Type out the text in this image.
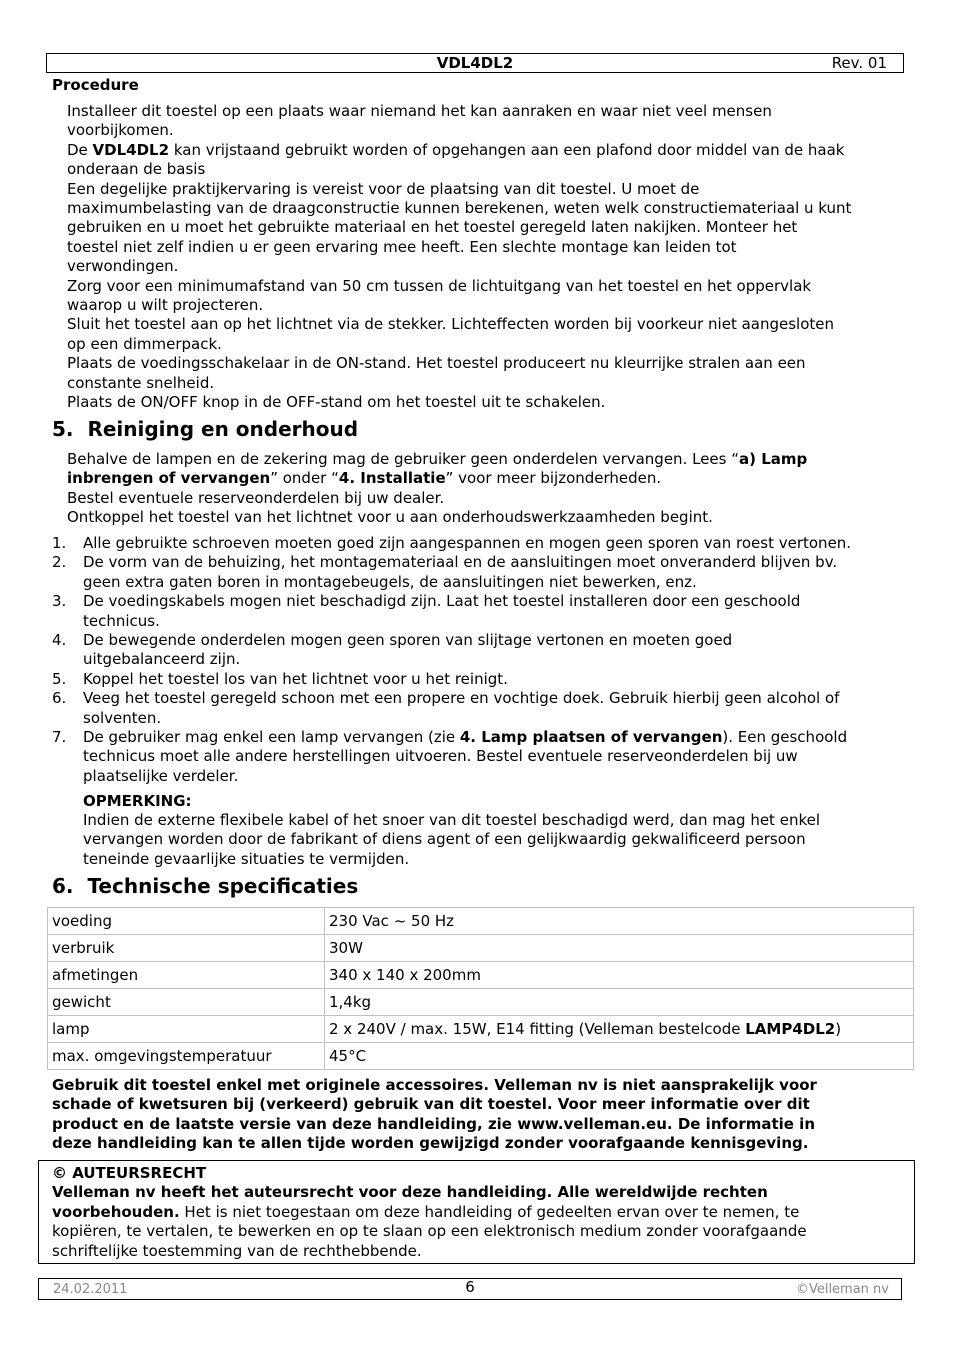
VDL4DL2	Rev. 01
Procedure
Installeer dit toestel op een plaats waar niemand het kan aanraken en waar niet veel mensen
voorbijkomen.
De VDL4DL2 kan vrijstaand gebruikt worden of opgehangen aan een plafond door middel van de haak
onderaan de basis
Een degelijke praktijkervaring is vereist voor de plaatsing van dit toestel. U moet de
maximumbelasting van de draagconstructie kunnen berekenen, weten welk constructiemateriaal u kunt
gebruiken en u moet het gebruikte materiaal en het toestel geregeld laten nakijken. Monteer het
toestel niet zelf indien u er geen ervaring mee heeft. Een slechte montage kan leiden tot
verwondingen.
Zorg voor een minimumafstand van 50 cm tussen de lichtuitgang van het toestel en het oppervlak
waarop u wilt projecteren.
Sluit het toestel aan op het lichtnet via de stekker. Lichteffecten worden bij voorkeur niet aangesloten
op een dimmerpack.
Plaats de voedingsschakelaar in de ON-stand. Het toestel produceert nu kleurrijke stralen aan een
constante snelheid.
Plaats de ON/OFF knop in de OFF-stand om het toestel uit te schakelen.
5.  Reiniging en onderhoud
Behalve de lampen en de zekering mag de gebruiker geen onderdelen vervangen. Lees “a) Lamp
inbrengen of vervangen” onder “4. Installatie” voor meer bijzonderheden.
Bestel eventuele reserveonderdelen bij uw dealer.
Ontkoppel het toestel van het lichtnet voor u aan onderhoudswerkzaamheden begint.
1. Alle gebruikte schroeven moeten goed zijn aangespannen en mogen geen sporen van roest vertonen.
2. De vorm van de behuizing, het montagemateriaal en de aansluitingen moet onveranderd blijven bv.
geen extra gaten boren in montagebeugels, de aansluitingen niet bewerken, enz.
3. De voedingskabels mogen niet beschadigd zijn. Laat het toestel installeren door een geschoold
technicus.
4. De bewegende onderdelen mogen geen sporen van slijtage vertonen en moeten goed
uitgebalanceerd zijn.
5. Koppel het toestel los van het lichtnet voor u het reinigt.
6. Veeg het toestel geregeld schoon met een propere en vochtige doek. Gebruik hierbij geen alcohol of
solventen.
7. De gebruiker mag enkel een lamp vervangen (zie 4. Lamp plaatsen of vervangen). Een geschoold
technicus moet alle andere herstellingen uitvoeren. Bestel eventuele reserveonderdelen bij uw
plaatselijke verdeler.
OPMERKING:
Indien de externe flexibele kabel of het snoer van dit toestel beschadigd werd, dan mag het enkel
vervangen worden door de fabrikant of diens agent of een gelijkwaardig gekwalificeerd persoon
teneinde gevaarlijke situaties te vermijden.
6.  Technische specificaties
voeding	230 Vac ~ 50 Hz
verbruik	30W
afmetingen	340 x 140 x 200mm
gewicht	1,4kg
lamp	2 x 240V / max. 15W, E14 fitting (Velleman bestelcode LAMP4DL2)
max. omgevingstemperatuur	45°C
Gebruik dit toestel enkel met originele accessoires. Velleman nv is niet aansprakelijk voor
schade of kwetsuren bij (verkeerd) gebruik van dit toestel. Voor meer informatie over dit
product en de laatste versie van deze handleiding, zie www.velleman.eu. De informatie in
deze handleiding kan te allen tijde worden gewijzigd zonder voorafgaande kennisgeving.
© AUTEURSRECHT
Velleman nv heeft het auteursrecht voor deze handleiding. Alle wereldwijde rechten
voorbehouden. Het is niet toegestaan om deze handleiding of gedeelten ervan over te nemen, te
kopiëren, te vertalen, te bewerken en op te slaan op een elektronisch medium zonder voorafgaande
schriftelijke toestemming van de rechthebbende.
24.02.2011	6	©Velleman nv
